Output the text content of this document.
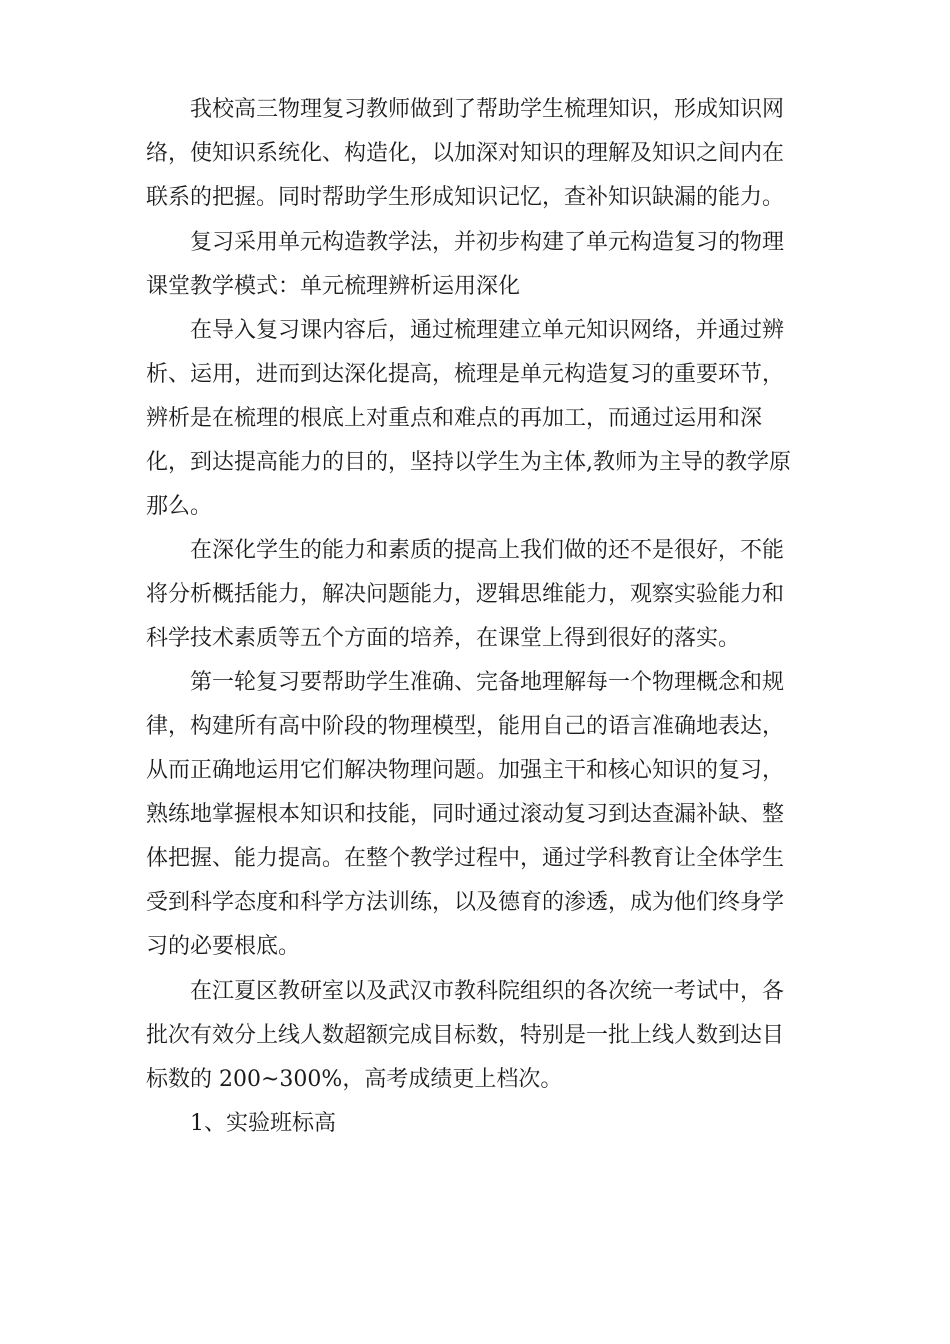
我校高三物理复习教师做到了帮助学生梳理知识，形成知识网

络，使知识系统化、构造化，以加深对知识的理解及知识之间内在

联系的把握。同时帮助学生形成知识记忆，查补知识缺漏的能力。

复习采用单元构造教学法，并初步构建了单元构造复习的物理

课堂教学模式：单元梳理辨析运用深化

在导入复习课内容后，通过梳理建立单元知识网络，并通过辨

析、运用，进而到达深化提高，梳理是单元构造复习的重要环节，

辨析是在梳理的根底上对重点和难点的再加工，而通过运用和深

化，到达提高能力的目的，坚持以学生为主体,教师为主导的教学原

那么。

在深化学生的能力和素质的提高上我们做的还不是很好，不能

将分析概括能力，解决问题能力，逻辑思维能力，观察实验能力和

科学技术素质等五个方面的培养，在课堂上得到很好的落实。

第一轮复习要帮助学生准确、完备地理解每一个物理概念和规

律，构建所有高中阶段的物理模型，能用自己的语言准确地表达，

从而正确地运用它们解决物理问题。加强主干和核心知识的复习，

熟练地掌握根本知识和技能，同时通过滚动复习到达查漏补缺、整

体把握、能力提高。在整个教学过程中，通过学科教育让全体学生

受到科学态度和科学方法训练，以及德育的渗透，成为他们终身学

习的必要根底。

在江夏区教研室以及武汉市教科院组织的各次统一考试中，各

批次有效分上线人数超额完成目标数，特别是一批上线人数到达目

标数的 200~300%，高考成绩更上档次。

1、实验班标高
